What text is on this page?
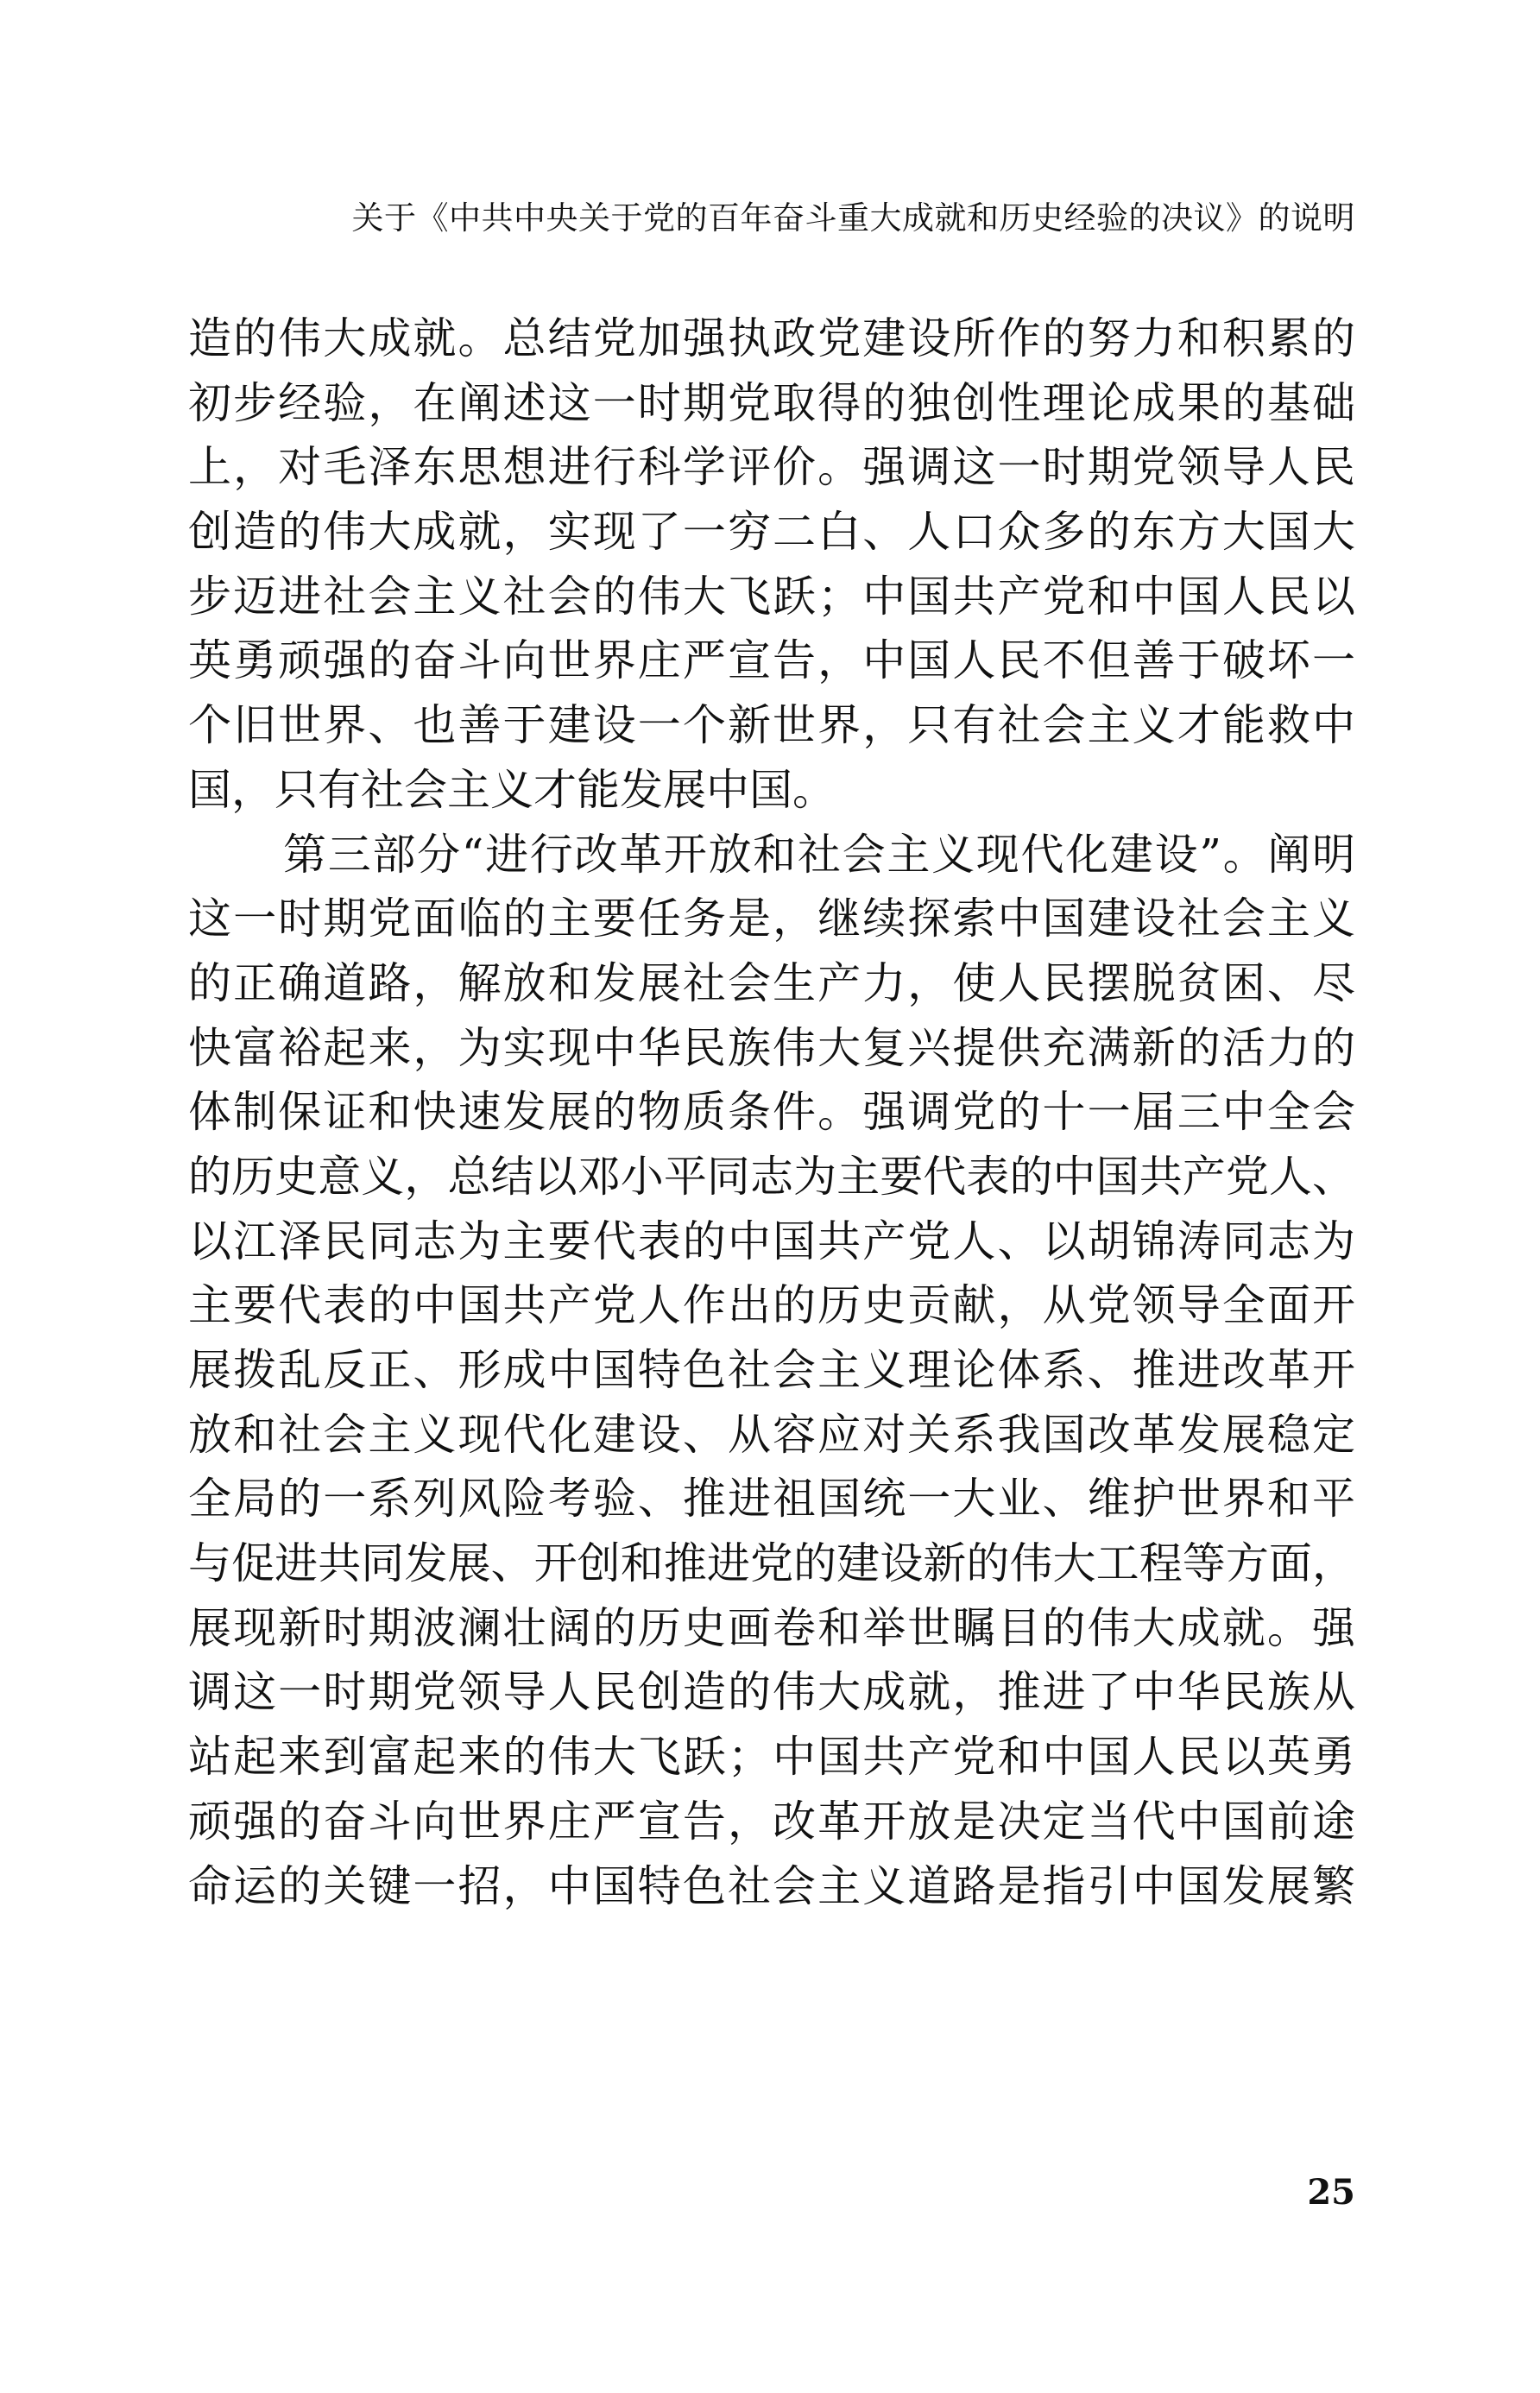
关于《中共中央关于党的百年奋斗重大成就和历史经验的决议》的说明
造的伟大成就。总结党加强执政党建设所作的努力和积累的
初步经验，在阐述这一时期党取得的独创性理论成果的基础
上，对毛泽东思想进行科学评价。强调这一时期党领导人民
创造的伟大成就，实现了一穷二白、人口众多的东方大国大
步迈进社会主义社会的伟大飞跃；中国共产党和中国人民以
英勇顽强的奋斗向世界庄严宣告，中国人民不但善于破坏一
个旧世界、也善于建设一个新世界，只有社会主义才能救中
国，只有社会主义才能发展中国。
第三部分“进行改革开放和社会主义现代化建设”。阐明
这一时期党面临的主要任务是，继续探索中国建设社会主义
的正确道路，解放和发展社会生产力，使人民摆脱贫困、尽
快富裕起来，为实现中华民族伟大复兴提供充满新的活力的
体制保证和快速发展的物质条件。强调党的十一届三中全会
的历史意义，总结以邓小平同志为主要代表的中国共产党人、
以江泽民同志为主要代表的中国共产党人、以胡锦涛同志为
主要代表的中国共产党人作出的历史贡献，从党领导全面开
展拨乱反正、形成中国特色社会主义理论体系、推进改革开
放和社会主义现代化建设、从容应对关系我国改革发展稳定
全局的一系列风险考验、推进祖国统一大业、维护世界和平
与促进共同发展、开创和推进党的建设新的伟大工程等方面，
展现新时期波澜壮阔的历史画卷和举世瞩目的伟大成就。强
调这一时期党领导人民创造的伟大成就，推进了中华民族从
站起来到富起来的伟大飞跃；中国共产党和中国人民以英勇
顽强的奋斗向世界庄严宣告，改革开放是决定当代中国前途
命运的关键一招，中国特色社会主义道路是指引中国发展繁
25
